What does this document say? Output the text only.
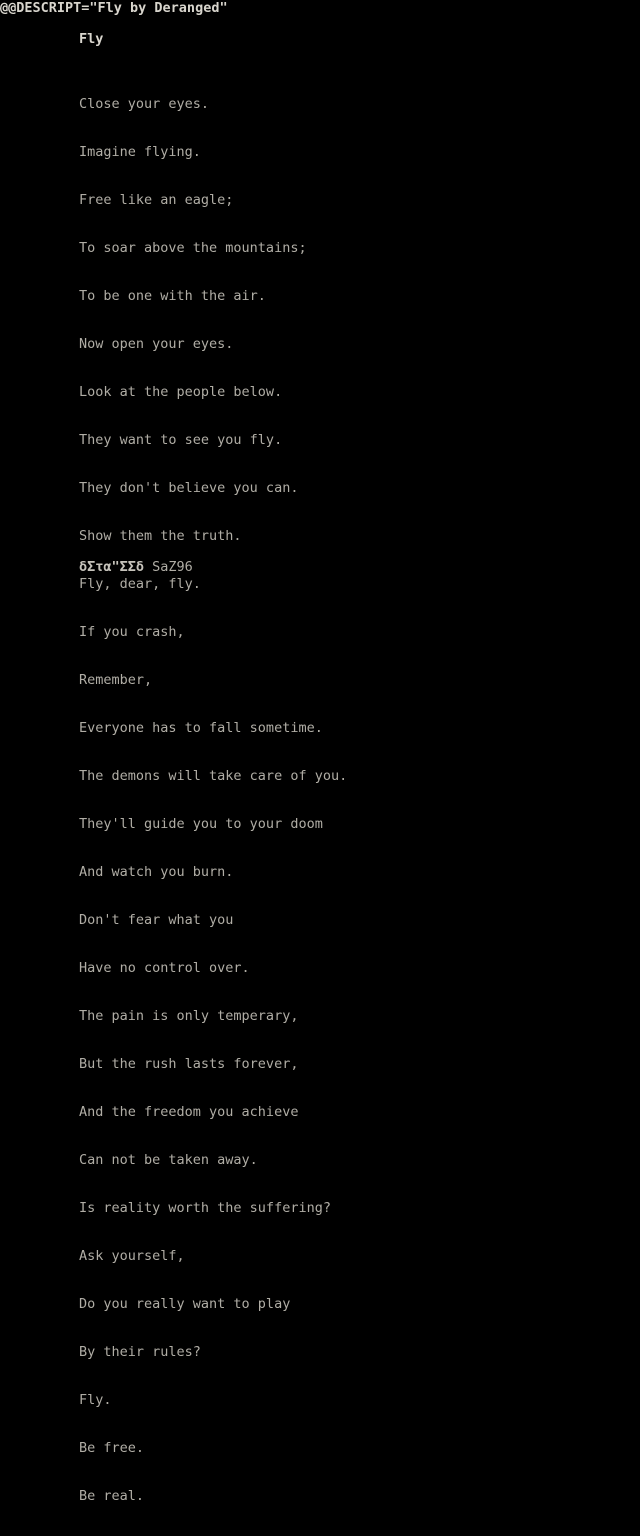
@@DESCRIPT="Fly by Deranged"
Fly

Close your eyes.

Imagine flying.

Free like an eagle;

To soar above the mountains;

To be one with the air.

Now open your eyes.

Look at the people below.

They want to see you fly.

They don't believe you can.

Show them the truth.

Fly, dear, fly.

If you crash,

Remember,

Everyone has to fall sometime.

The demons will take care of you.

They'll guide you to your doom

And watch you burn.

Don't fear what you

Have no control over.

The pain is only temperary,

But the rush lasts forever,

And the freedom you achieve

Can not be taken away.

Is reality worth the suffering?

Ask yourself,

Do you really want to play

By their rules?

Fly.

Be free.

Be real.

δΣτα"ΣΣδ SaZ96
